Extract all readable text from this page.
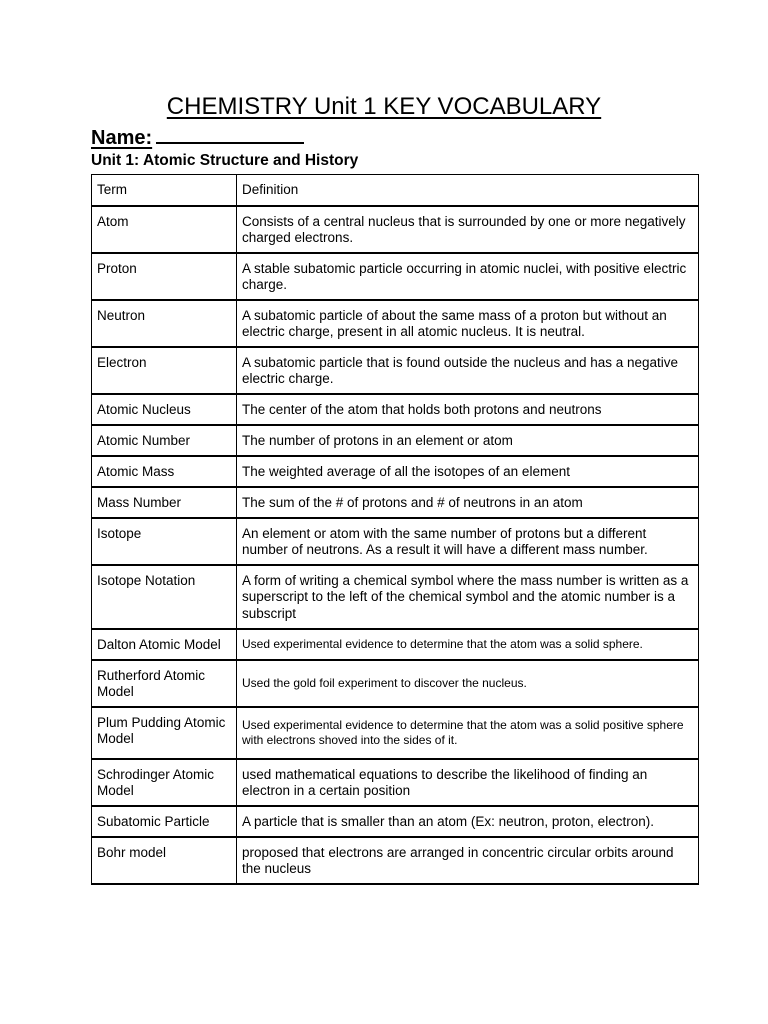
CHEMISTRY Unit 1 KEY VOCABULARY
Name:
Unit 1: Atomic Structure and History
Term	Definition
Atom	Consists of a central nucleus that is surrounded by one or more negatively charged electrons.
Proton	A stable subatomic particle occurring in atomic nuclei, with positive electric charge.
Neutron	A subatomic particle of about the same mass of a proton but without an electric charge, present in all atomic nucleus. It is neutral.
Electron	A subatomic particle that is found outside the nucleus and has a negative electric charge.
Atomic Nucleus	The center of the atom that holds both protons and neutrons
Atomic Number	The number of protons in an element or atom
Atomic Mass	The weighted average of all the isotopes of an element
Mass Number	The sum of the # of protons and # of neutrons in an atom
Isotope	An element or atom with the same number of protons but a different number of neutrons. As a result it will have a different mass number.
Isotope Notation	A form of writing a chemical symbol where the mass number is written as a superscript to the left of the chemical symbol and the atomic number is a subscript
Dalton Atomic Model	Used experimental evidence to determine that the atom was a solid sphere.
Rutherford Atomic Model	Used the gold foil experiment to discover the nucleus.
Plum Pudding Atomic Model	Used experimental evidence to determine that the atom was a solid positive sphere with electrons shoved into the sides of it.
Schrodinger Atomic Model	used mathematical equations to describe the likelihood of finding an electron in a certain position
Subatomic Particle	A particle that is smaller than an atom (Ex: neutron, proton, electron).
Bohr model	proposed that electrons are arranged in concentric circular orbits around the nucleus
